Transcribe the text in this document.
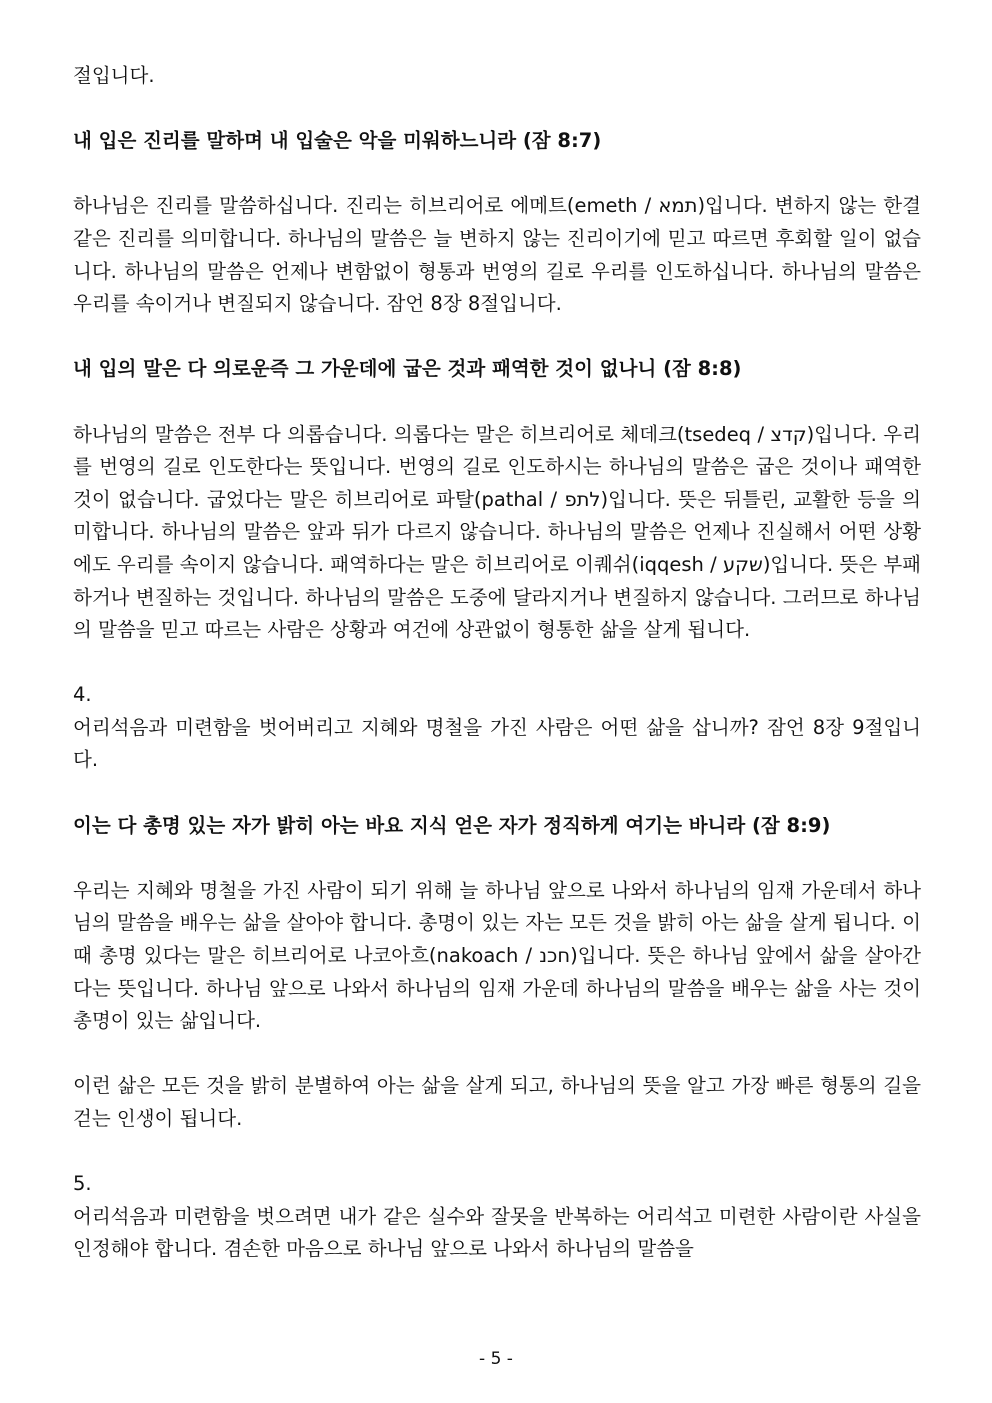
절입니다.

내 입은 진리를 말하며 내 입술은 악을 미워하느니라 (잠 8:7)

하나님은 진리를 말씀하십니다. 진리는 히브리어로 에메트(emeth / תמא)입니다. 변하지 않는 한결같은 진리를 의미합니다. 하나님의 말씀은 늘 변하지 않는 진리이기에 믿고 따르면 후회할 일이 없습니다. 하나님의 말씀은 언제나 변함없이 형통과 번영의 길로 우리를 인도하십니다. 하나님의 말씀은 우리를 속이거나 변질되지 않습니다. 잠언 8장 8절입니다.

내 입의 말은 다 의로운즉 그 가운데에 굽은 것과 패역한 것이 없나니 (잠 8:8)

하나님의 말씀은 전부 다 의롭습니다. 의롭다는 말은 히브리어로 체데크(tsedeq / קדצ)입니다. 우리를 번영의 길로 인도한다는 뜻입니다. 번영의 길로 인도하시는 하나님의 말씀은 굽은 것이나 패역한 것이 없습니다. 굽었다는 말은 히브리어로 파탈(pathal / לתפ)입니다. 뜻은 뒤틀린, 교활한 등을 의미합니다. 하나님의 말씀은 앞과 뒤가 다르지 않습니다. 하나님의 말씀은 언제나 진실해서 어떤 상황에도 우리를 속이지 않습니다. 패역하다는 말은 히브리어로 이퀘쉬(iqqesh / שקע)입니다. 뜻은 부패하거나 변질하는 것입니다. 하나님의 말씀은 도중에 달라지거나 변질하지 않습니다. 그러므로 하나님의 말씀을 믿고 따르는 사람은 상황과 여건에 상관없이 형통한 삶을 살게 됩니다.

4.

어리석음과 미련함을 벗어버리고 지혜와 명철을 가진 사람은 어떤 삶을 삽니까? 잠언 8장 9절입니다.

이는 다 총명 있는 자가 밝히 아는 바요 지식 얻은 자가 정직하게 여기는 바니라 (잠 8:9)

우리는 지혜와 명철을 가진 사람이 되기 위해 늘 하나님 앞으로 나와서 하나님의 임재 가운데서 하나님의 말씀을 배우는 삶을 살아야 합니다. 총명이 있는 자는 모든 것을 밝히 아는 삶을 살게 됩니다. 이때 총명 있다는 말은 히브리어로 나코아흐(nakoach / חכנ)입니다. 뜻은 하나님 앞에서 삶을 살아간다는 뜻입니다. 하나님 앞으로 나와서 하나님의 임재 가운데 하나님의 말씀을 배우는 삶을 사는 것이 총명이 있는 삶입니다.

이런 삶은 모든 것을 밝히 분별하여 아는 삶을 살게 되고, 하나님의 뜻을 알고 가장 빠른 형통의 길을 걷는 인생이 됩니다.

5.

어리석음과 미련함을 벗으려면 내가 같은 실수와 잘못을 반복하는 어리석고 미련한 사람이란 사실을 인정해야 합니다. 겸손한 마음으로 하나님 앞으로 나와서 하나님의 말씀을

- 5 -
